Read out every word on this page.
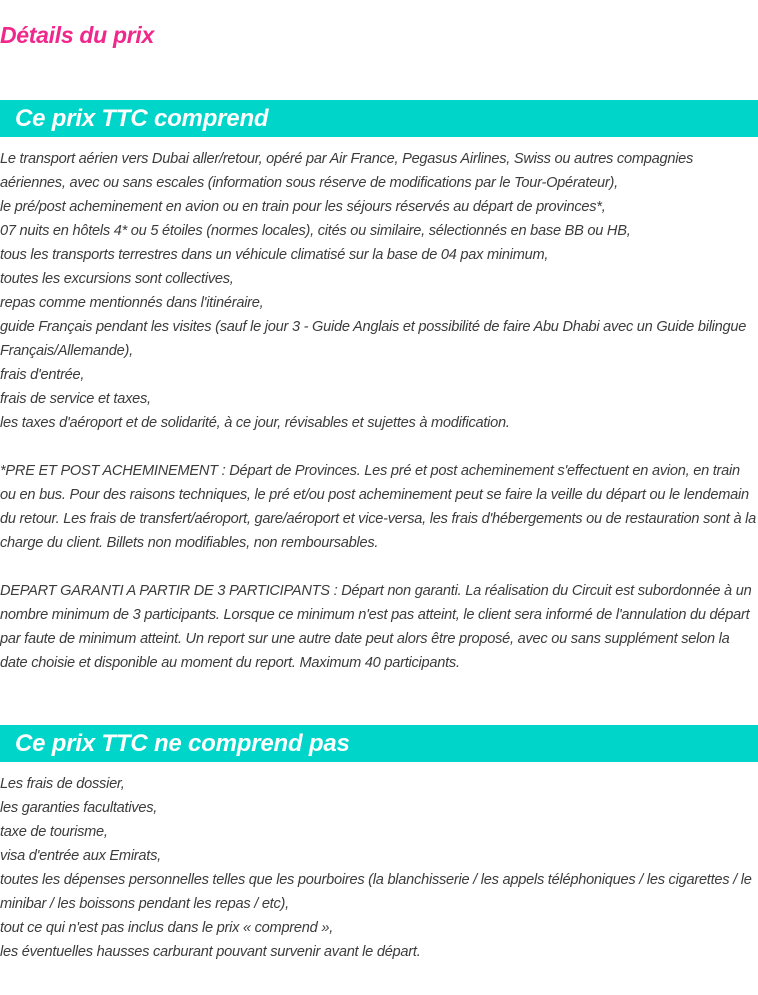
Détails du prix
Ce prix TTC comprend

Le transport aérien vers Dubai aller/retour, opéré par Air France, Pegasus Airlines, Swiss ou autres compagnies aériennes, avec ou sans escales (information sous réserve de modifications par le Tour-Opérateur),

le pré/post acheminement en avion ou en train pour les séjours réservés au départ de provinces*,

07 nuits en hôtels 4* ou 5 étoiles (normes locales), cités ou similaire, sélectionnés en base BB ou HB,

tous les transports terrestres dans un véhicule climatisé sur la base de 04 pax minimum,

toutes les excursions sont collectives,

repas comme mentionnés dans l'itinéraire,

guide Français pendant les visites (sauf le jour 3 - Guide Anglais et possibilité de faire Abu Dhabi avec un Guide bilingue Français/Allemande),

frais d'entrée,

frais de service et taxes,

les taxes d'aéroport et de solidarité, à ce jour, révisables et sujettes à modification.

*PRE ET POST ACHEMINEMENT : Départ de Provinces. Les pré et post acheminement s'effectuent en avion, en train ou en bus. Pour des raisons techniques, le pré et/ou post acheminement peut se faire la veille du départ ou le lendemain du retour. Les frais de transfert/aéroport, gare/aéroport et vice-versa, les frais d'hébergements ou de restauration sont à la charge du client. Billets non modifiables, non remboursables.

DEPART GARANTI A PARTIR DE 3 PARTICIPANTS : Départ non garanti. La réalisation du Circuit est subordonnée à un nombre minimum de 3 participants. Lorsque ce minimum n'est pas atteint, le client sera informé de l'annulation du départ par faute de minimum atteint. Un report sur une autre date peut alors être proposé, avec ou sans supplément selon la date choisie et disponible au moment du report. Maximum 40 participants.

Ce prix TTC ne comprend pas

Les frais de dossier,

les garanties facultatives,

taxe de tourisme,

visa d'entrée aux Emirats,

toutes les dépenses personnelles telles que les pourboires (la blanchisserie / les appels téléphoniques / les cigarettes / le minibar / les boissons pendant les repas / etc),

tout ce qui n'est pas inclus dans le prix « comprend »,

les éventuelles hausses carburant pouvant survenir avant le départ.
